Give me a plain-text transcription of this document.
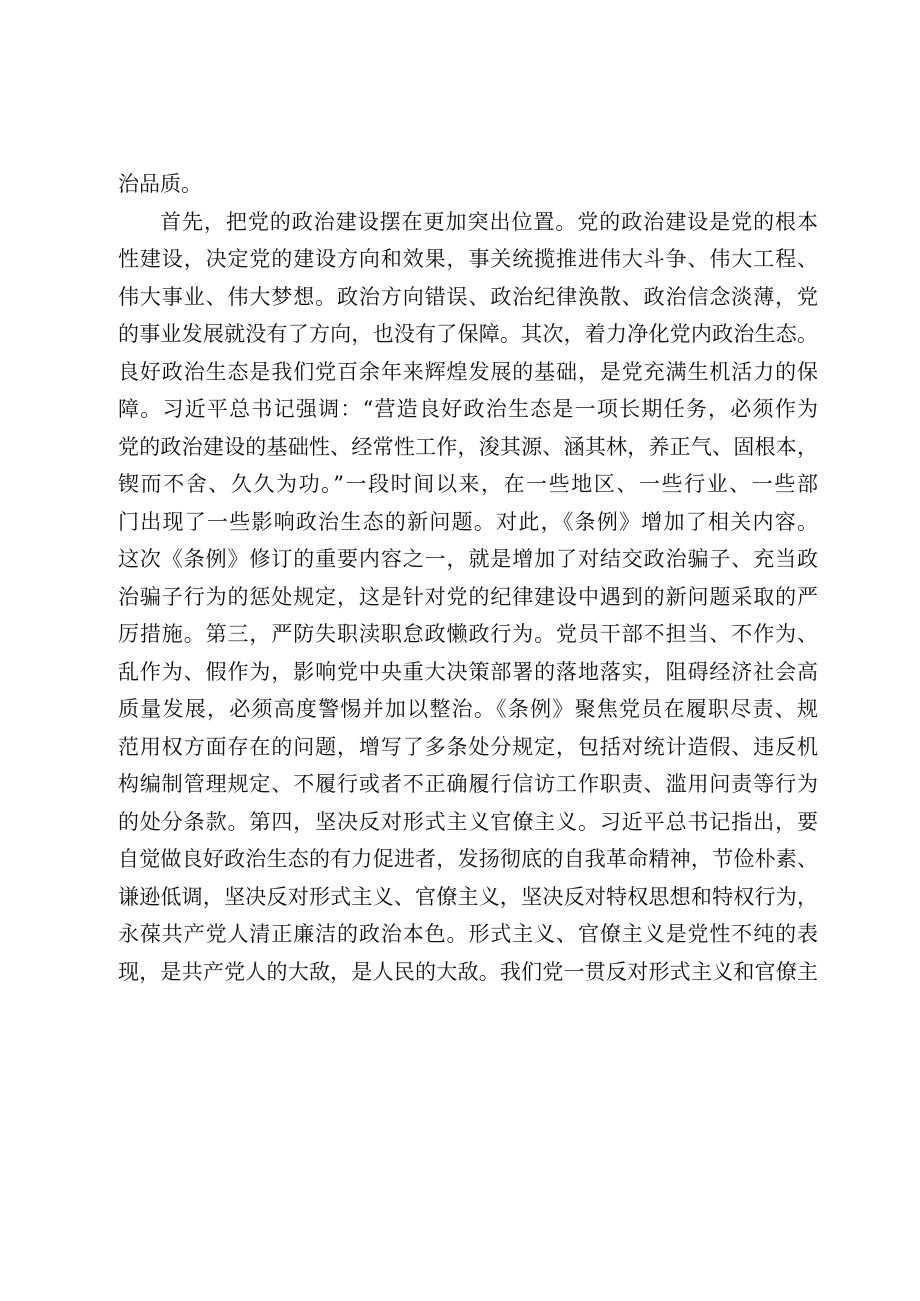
治品质。
首先，把党的政治建设摆在更加突出位置。党的政治建设是党的根本
性建设，决定党的建设方向和效果，事关统揽推进伟大斗争、伟大工程、
伟大事业、伟大梦想。政治方向错误、政治纪律涣散、政治信念淡薄，党
的事业发展就没有了方向，也没有了保障。其次，着力净化党内政治生态。
良好政治生态是我们党百余年来辉煌发展的基础，是党充满生机活力的保
障。习近平总书记强调：“营造良好政治生态是一项长期任务，必须作为
党的政治建设的基础性、经常性工作，浚其源、涵其林，养正气、固根本，
锲而不舍、久久为功。”一段时间以来，在一些地区、一些行业、一些部
门出现了一些影响政治生态的新问题。对此，《条例》增加了相关内容。
这次《条例》修订的重要内容之一，就是增加了对结交政治骗子、充当政
治骗子行为的惩处规定，这是针对党的纪律建设中遇到的新问题采取的严
厉措施。第三，严防失职渎职怠政懒政行为。党员干部不担当、不作为、
乱作为、假作为，影响党中央重大决策部署的落地落实，阻碍经济社会高
质量发展，必须高度警惕并加以整治。《条例》聚焦党员在履职尽责、规
范用权方面存在的问题，增写了多条处分规定，包括对统计造假、违反机
构编制管理规定、不履行或者不正确履行信访工作职责、滥用问责等行为
的处分条款。第四，坚决反对形式主义官僚主义。习近平总书记指出，要
自觉做良好政治生态的有力促进者，发扬彻底的自我革命精神，节俭朴素、
谦逊低调，坚决反对形式主义、官僚主义，坚决反对特权思想和特权行为，
永葆共产党人清正廉洁的政治本色。形式主义、官僚主义是党性不纯的表
现，是共产党人的大敌，是人民的大敌。我们党一贯反对形式主义和官僚主
